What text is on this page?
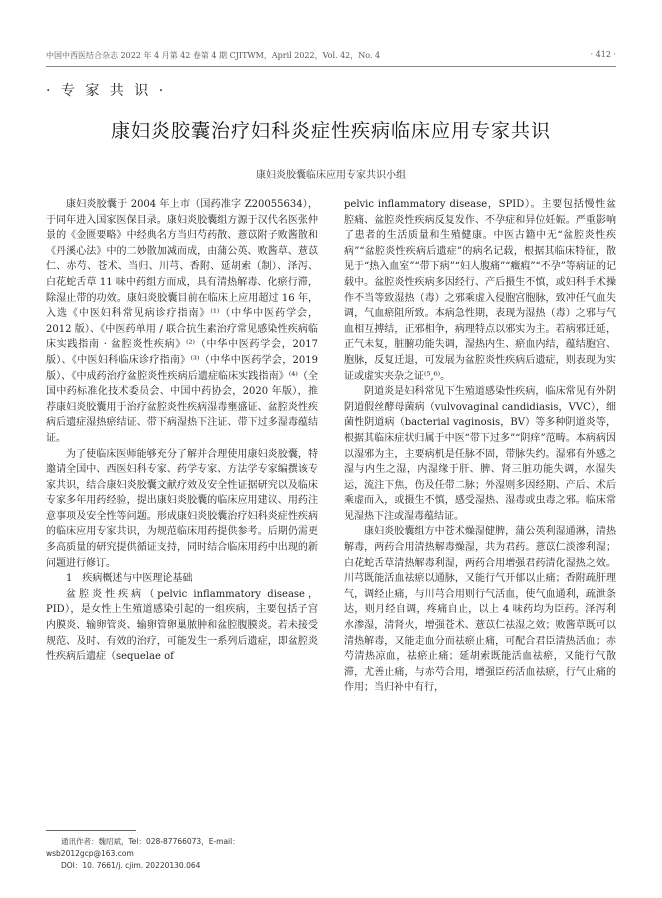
中国中西医结合杂志 2022 年 4 月第 42 卷第 4 期 CJITWM，April 2022，Vol. 42，No. 4	· 412 ·
· 专 家 共 识 ·
康妇炎胶囊治疗妇科炎症性疾病临床应用专家共识
康妇炎胶囊临床应用专家共识小组

康妇炎胶囊于 2004 年上市（国药准字 Z20055634），于同年进入国家医保目录。康妇炎胶囊组方源于汉代名医张仲景的《金匮要略》中经典名方当归芍药散、薏苡附子败酱散和《丹溪心法》中的二妙散加减而成，由蒲公英、败酱草、薏苡仁、赤芍、苍术、当归、川芎、香附、延胡索（制）、泽泻、白花蛇舌草 11 味中药组方而成，具有清热解毒、化瘀行滞，除湿止带的功效。康妇炎胶囊目前在临床上应用超过 16 年，入选《中医妇科常见病诊疗指南》⁽¹⁾（中华中医药学会，2012 版）、《中医药单用 / 联合抗生素治疗常见感染性疾病临床实践指南 · 盆腔炎性疾病》⁽²⁾（中华中医药学会，2017 版）、《中医妇科临床诊疗指南》⁽³⁾（中华中医药学会，2019 版）、《中成药治疗盆腔炎性疾病后遗症临床实践指南》⁽⁴⁾（全国中药标准化技术委员会、中国中药协会，2020 年版），推荐康妇炎胶囊用于治疗盆腔炎性疾病湿毒壅盛证、盆腔炎性疾病后遗症湿热瘀结证、带下病湿热下注证、带下过多湿毒蕴结证。

为了使临床医师能够充分了解并合理使用康妇炎胶囊，特邀请全国中、西医妇科专家、药学专家、方法学专家编撰该专家共识，结合康妇炎胶囊文献疗效及安全性证据研究以及临床专家多年用药经验，提出康妇炎胶囊的临床应用建议、用药注意事项及安全性等问题。形成康妇炎胶囊治疗妇科炎症性疾病的临床应用专家共识，为规范临床用药提供参考。后期仍需更多高质量的研究提供循证支持，同时结合临床用药中出现的新问题进行修订。

1　疾病概述与中医理论基础

盆腔炎性疾病（pelvic inflammatory disease，PID），是女性上生殖道感染引起的一组疾病，主要包括子宫内膜炎、输卵管炎、输卵管卵巢脓肿和盆腔腹膜炎。若未接受规范、及时、有效的治疗，可能发生一系列后遗症，即盆腔炎性疾病后遗症（sequelae of

pelvic inflammatory disease，SPID）。主要包括慢性盆腔痛、盆腔炎性疾病反复发作、不孕症和异位妊娠。严重影响了患者的生活质量和生殖健康。中医古籍中无“盆腔炎性疾病”“盆腔炎性疾病后遗症”的病名记载，根据其临床特征，散见于“热入血室”“带下病”“妇人腹痛”“癥瘕”“不孕”等病证的记载中。盆腔炎性疾病多因经行、产后摄生不慎，或妇科手术操作不当等致湿热（毒）之邪乘虚入侵胞宫胞脉，致冲任气血失调，气血瘀阻所致。本病急性期，表现为湿热（毒）之邪与气血相互搏结，正邪相争，病理特点以邪实为主。若病邪迁延，正气未复，脏腑功能失调，湿热内生、瘀血内结，蕴结胞宫、胞脉，反复迁退，可发展为盆腔炎性疾病后遗症，则表现为实证或虚实夹杂之证⁽⁵,⁶⁾。

阴道炎是妇科常见下生殖道感染性疾病，临床常见有外阴阴道假丝酵母菌病（vulvovaginal candidiasis，VVC），细菌性阴道病（bacterial vaginosis，BV）等多种阴道炎等，根据其临床症状归属于中医“带下过多”“阴痒”范畴。本病病因以湿邪为主，主要病机是任脉不固，带脉失约。湿邪有外感之湿与内生之湿，内湿缘于肝、脾、肾三脏功能失调，水湿失运，流注下焦，伤及任带二脉；外湿则多因经期、产后、术后乘虚而入，或摄生不慎，感受湿热、湿毒或虫毒之邪。临床常见湿热下注或湿毒蕴结证。

康妇炎胶囊组方中苍术燥湿健脾，蒲公英利湿通淋，清热解毒，两药合用清热解毒燥湿，共为君药。薏苡仁淡渗利湿；白花蛇舌草清热解毒利湿，两药合用增强君药清化湿热之效。川芎既能活血祛瘀以通脉，又能行气开郁以止痛；香附疏肝理气，调经止痛，与川芎合用则行气活血，使气血通利，疏泄条达，则月经自调，疼痛自止，以上 4 味药均为臣药。泽泻利水渗湿，清肾火，增强苍术、薏苡仁祛湿之效；败酱草既可以清热解毒，又能走血分而祛瘀止痛，可配合君臣清热活血；赤芍清热凉血，祛瘀止痛；延胡索既能活血祛瘀，又能行气散滞，尤善止痛，与赤芍合用，增强臣药活血祛瘀，行气止痛的作用；当归补中有行，

通讯作者：魏绍斌，Tel：028-87766073，E-mail：wsb2012gcp@163.com
DOI：10. 7661/j. cjim. 20220130.064
